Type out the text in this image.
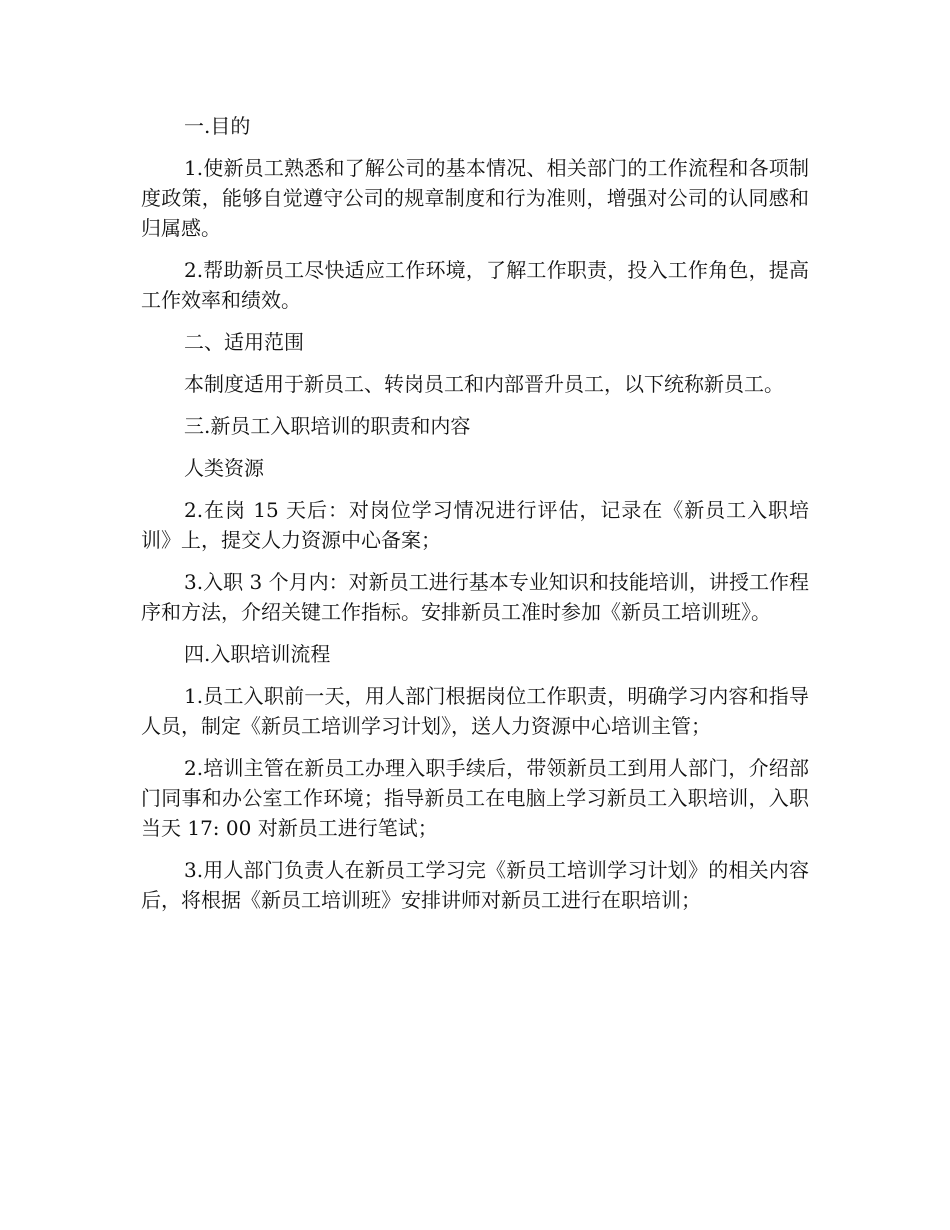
一.目的

1.使新员工熟悉和了解公司的基本情况、相关部门的工作流程和各项制度政策，能够自觉遵守公司的规章制度和行为准则，增强对公司的认同感和归属感。

2.帮助新员工尽快适应工作环境，了解工作职责，投入工作角色，提高工作效率和绩效。

二、适用范围

本制度适用于新员工、转岗员工和内部晋升员工，以下统称新员工。

三.新员工入职培训的职责和内容

人类资源

2.在岗 15 天后：对岗位学习情况进行评估，记录在《新员工入职培训》上，提交人力资源中心备案；

3.入职 3 个月内：对新员工进行基本专业知识和技能培训，讲授工作程序和方法，介绍关键工作指标。安排新员工准时参加《新员工培训班》。

四.入职培训流程

1.员工入职前一天，用人部门根据岗位工作职责，明确学习内容和指导人员，制定《新员工培训学习计划》，送人力资源中心培训主管；

2.培训主管在新员工办理入职手续后，带领新员工到用人部门，介绍部门同事和办公室工作环境；指导新员工在电脑上学习新员工入职培训，入职当天 17: 00 对新员工进行笔试；

3.用人部门负责人在新员工学习完《新员工培训学习计划》的相关内容后，将根据《新员工培训班》安排讲师对新员工进行在职培训；
